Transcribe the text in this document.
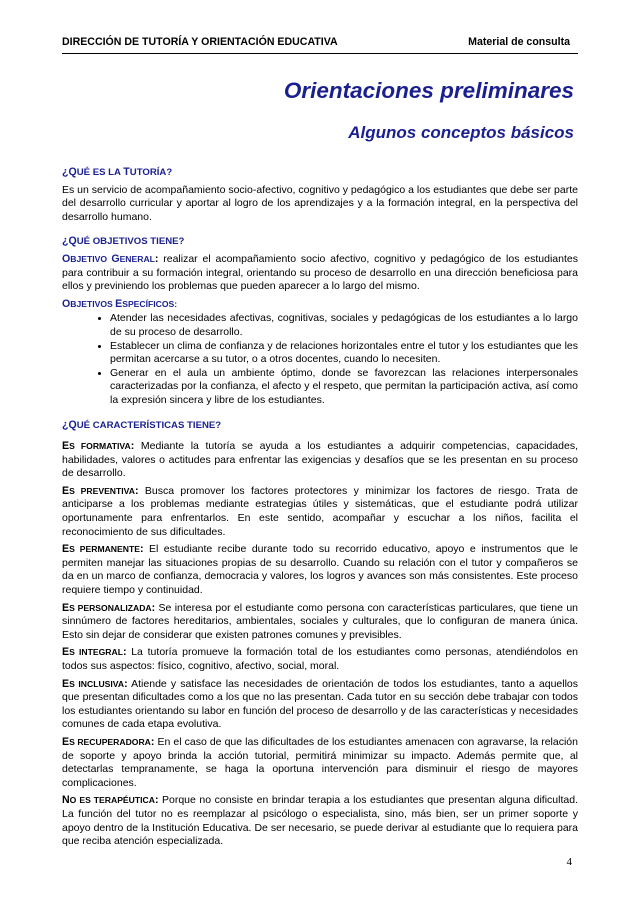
DIRECCIÓN DE TUTORÍA Y ORIENTACIÓN EDUCATIVA	Material de consulta
Orientaciones preliminares
Algunos conceptos básicos
¿QUÉ ES LA TUTORÍA?

Es un servicio de acompañamiento socio-afectivo, cognitivo y pedagógico a los estudiantes que debe ser parte del desarrollo curricular y aportar al logro de los aprendizajes y a la formación integral, en la perspectiva del desarrollo humano.

¿QUÉ OBJETIVOS TIENE?

OBJETIVO GENERAL: realizar el acompañamiento socio afectivo, cognitivo y pedagógico de los estudiantes para contribuir a su formación integral, orientando su proceso de desarrollo en una dirección beneficiosa para ellos y previniendo los problemas que pueden aparecer a lo largo del mismo.

OBJETIVOS ESPECÍFICOS:
• Atender las necesidades afectivas, cognitivas, sociales y pedagógicas de los estudiantes a lo largo de su proceso de desarrollo.
• Establecer un clima de confianza y de relaciones horizontales entre el tutor y los estudiantes que les permitan acercarse a su tutor, o a otros docentes, cuando lo necesiten.
• Generar en el aula un ambiente óptimo, donde se favorezcan las relaciones interpersonales caracterizadas por la confianza, el afecto y el respeto, que permitan la participación activa, así como la expresión sincera y libre de los estudiantes.
¿QUÉ CARACTERÍSTICAS TIENE?

ES FORMATIVA: Mediante la tutoría se ayuda a los estudiantes a adquirir competencias, capacidades, habilidades, valores o actitudes para enfrentar las exigencias y desafíos que se les presentan en su proceso de desarrollo.

ES PREVENTIVA: Busca promover los factores protectores y minimizar los factores de riesgo. Trata de anticiparse a los problemas mediante estrategias útiles y sistemáticas, que el estudiante podrá utilizar oportunamente para enfrentarlos. En este sentido, acompañar y escuchar a los niños, facilita el reconocimiento de sus dificultades.

ES PERMANENTE: El estudiante recibe durante todo su recorrido educativo, apoyo e instrumentos que le permiten manejar las situaciones propias de su desarrollo. Cuando su relación con el tutor y compañeros se da en un marco de confianza, democracia y valores, los logros y avances son más consistentes. Este proceso requiere tiempo y continuidad.

ES PERSONALIZADA: Se interesa por el estudiante como persona con características particulares, que tiene un sinnúmero de factores hereditarios, ambientales, sociales y culturales, que lo configuran de manera única. Esto sin dejar de considerar que existen patrones comunes y previsibles.

ES INTEGRAL: La tutoría promueve la formación total de los estudiantes como personas, atendiéndolos en todos sus aspectos: físico, cognitivo, afectivo, social, moral.

ES INCLUSIVA: Atiende y satisface las necesidades de orientación de todos los estudiantes, tanto a aquellos que presentan dificultades como a los que no las presentan. Cada tutor en su sección debe trabajar con todos los estudiantes orientando su labor en función del proceso de desarrollo y de las características y necesidades comunes de cada etapa evolutiva.

ES RECUPERADORA: En el caso de que las dificultades de los estudiantes amenacen con agravarse, la relación de soporte y apoyo brinda la acción tutorial, permitirá minimizar su impacto. Además permite que, al detectarlas tempranamente, se haga la oportuna intervención para disminuir el riesgo de mayores complicaciones.

NO ES TERAPÉUTICA: Porque no consiste en brindar terapia a los estudiantes que presentan alguna dificultad. La función del tutor no es reemplazar al psicólogo o especialista, sino, más bien, ser un primer soporte y apoyo dentro de la Institución Educativa. De ser necesario, se puede derivar al estudiante que lo requiera para que reciba atención especializada.

4
